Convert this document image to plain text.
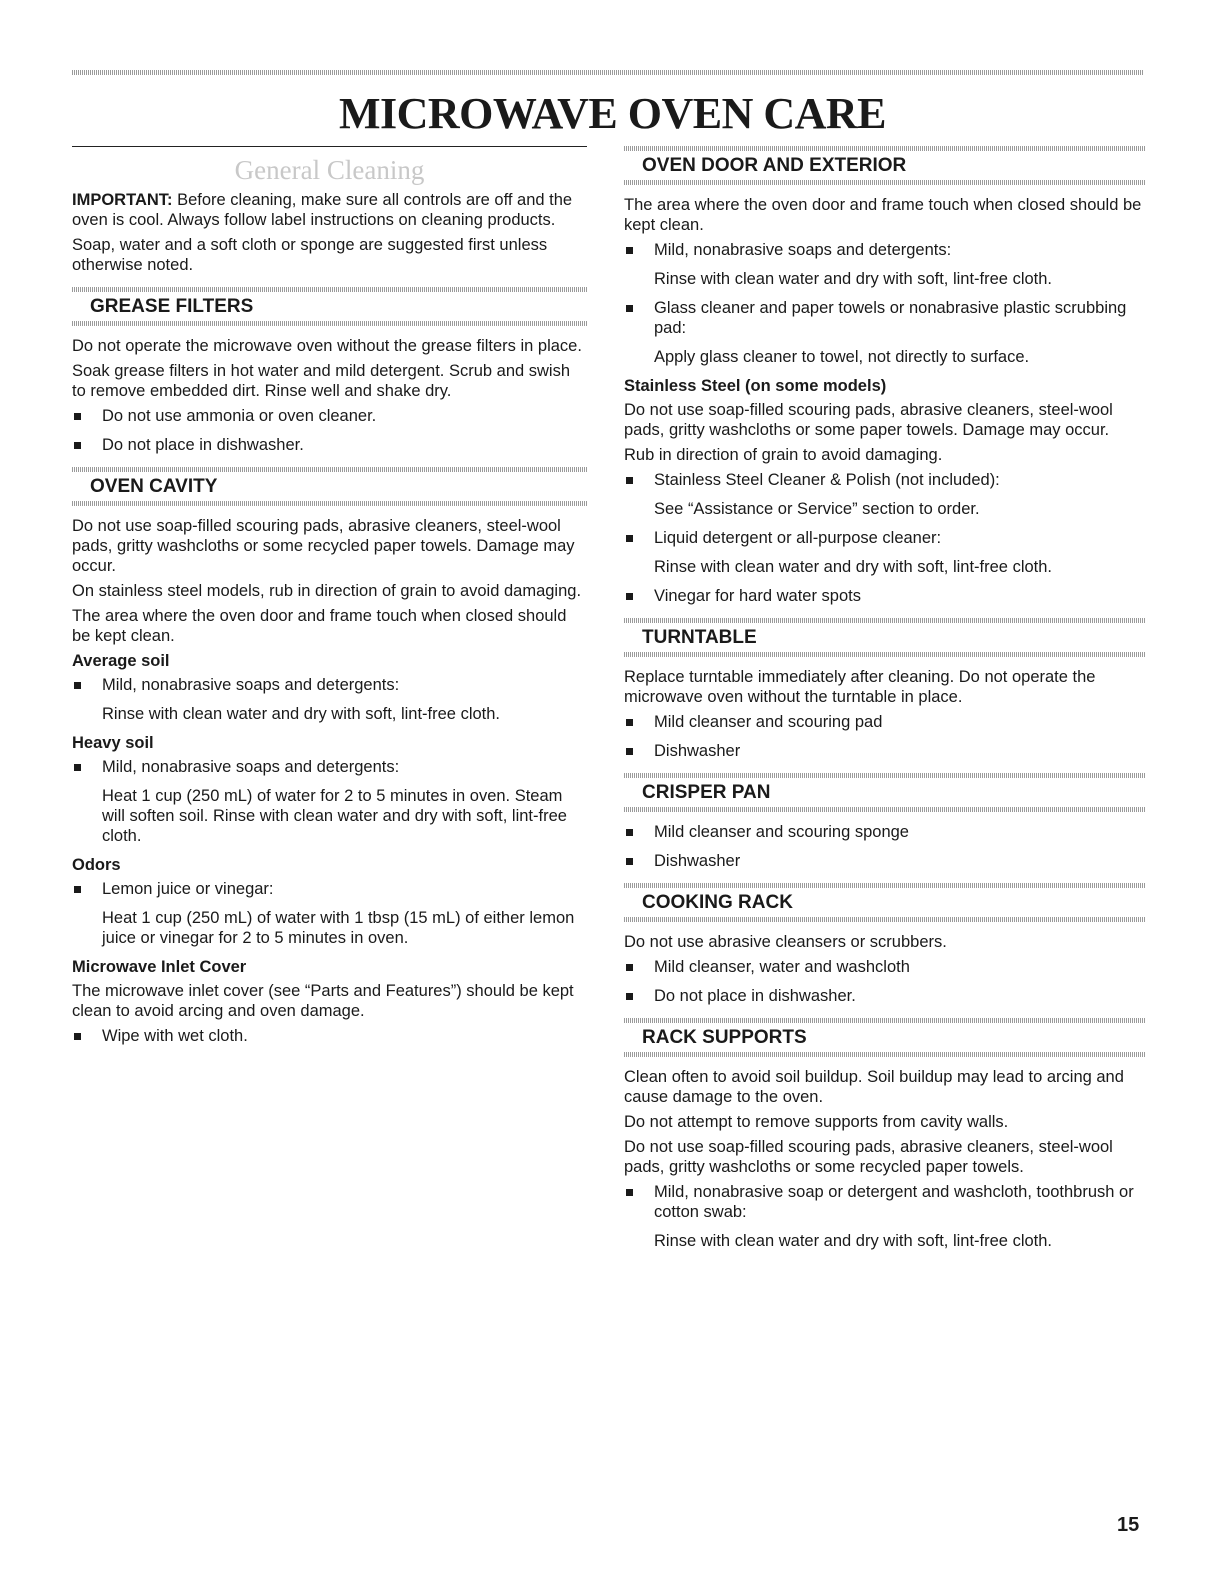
MICROWAVE OVEN CARE
General Cleaning

IMPORTANT: Before cleaning, make sure all controls are off and the oven is cool. Always follow label instructions on cleaning products.

Soap, water and a soft cloth or sponge are suggested first unless otherwise noted.

GREASE FILTERS

Do not operate the microwave oven without the grease filters in place.

Soak grease filters in hot water and mild detergent. Scrub and swish to remove embedded dirt. Rinse well and shake dry.

Do not use ammonia or oven cleaner.
Do not place in dishwasher.
OVEN CAVITY

Do not use soap-filled scouring pads, abrasive cleaners, steel-wool pads, gritty washcloths or some recycled paper towels. Damage may occur.

On stainless steel models, rub in direction of grain to avoid damaging.

The area where the oven door and frame touch when closed should be kept clean.

Average soil
Mild, nonabrasive soaps and detergents:
Rinse with clean water and dry with soft, lint-free cloth.
Heavy soil
Mild, nonabrasive soaps and detergents:
Heat 1 cup (250 mL) of water for 2 to 5 minutes in oven. Steam will soften soil. Rinse with clean water and dry with soft, lint-free cloth.
Odors
Lemon juice or vinegar:
Heat 1 cup (250 mL) of water with 1 tbsp (15 mL) of either lemon juice or vinegar for 2 to 5 minutes in oven.
Microwave Inlet Cover

The microwave inlet cover (see “Parts and Features”) should be kept clean to avoid arcing and oven damage.

Wipe with wet cloth.
OVEN DOOR AND EXTERIOR

The area where the oven door and frame touch when closed should be kept clean.

Mild, nonabrasive soaps and detergents:
Rinse with clean water and dry with soft, lint-free cloth.
Glass cleaner and paper towels or nonabrasive plastic scrubbing pad:
Apply glass cleaner to towel, not directly to surface.
Stainless Steel (on some models)

Do not use soap-filled scouring pads, abrasive cleaners, steel-wool pads, gritty washcloths or some paper towels. Damage may occur.

Rub in direction of grain to avoid damaging.

Stainless Steel Cleaner & Polish (not included):
See “Assistance or Service” section to order.
Liquid detergent or all-purpose cleaner:
Rinse with clean water and dry with soft, lint-free cloth.
Vinegar for hard water spots
TURNTABLE

Replace turntable immediately after cleaning. Do not operate the microwave oven without the turntable in place.

Mild cleanser and scouring pad
Dishwasher
CRISPER PAN
Mild cleanser and scouring sponge
Dishwasher
COOKING RACK

Do not use abrasive cleansers or scrubbers.

Mild cleanser, water and washcloth
Do not place in dishwasher.
RACK SUPPORTS

Clean often to avoid soil buildup. Soil buildup may lead to arcing and cause damage to the oven.

Do not attempt to remove supports from cavity walls.

Do not use soap-filled scouring pads, abrasive cleaners, steel-wool pads, gritty washcloths or some recycled paper towels.

Mild, nonabrasive soap or detergent and washcloth, toothbrush or cotton swab:
Rinse with clean water and dry with soft, lint-free cloth.
15
